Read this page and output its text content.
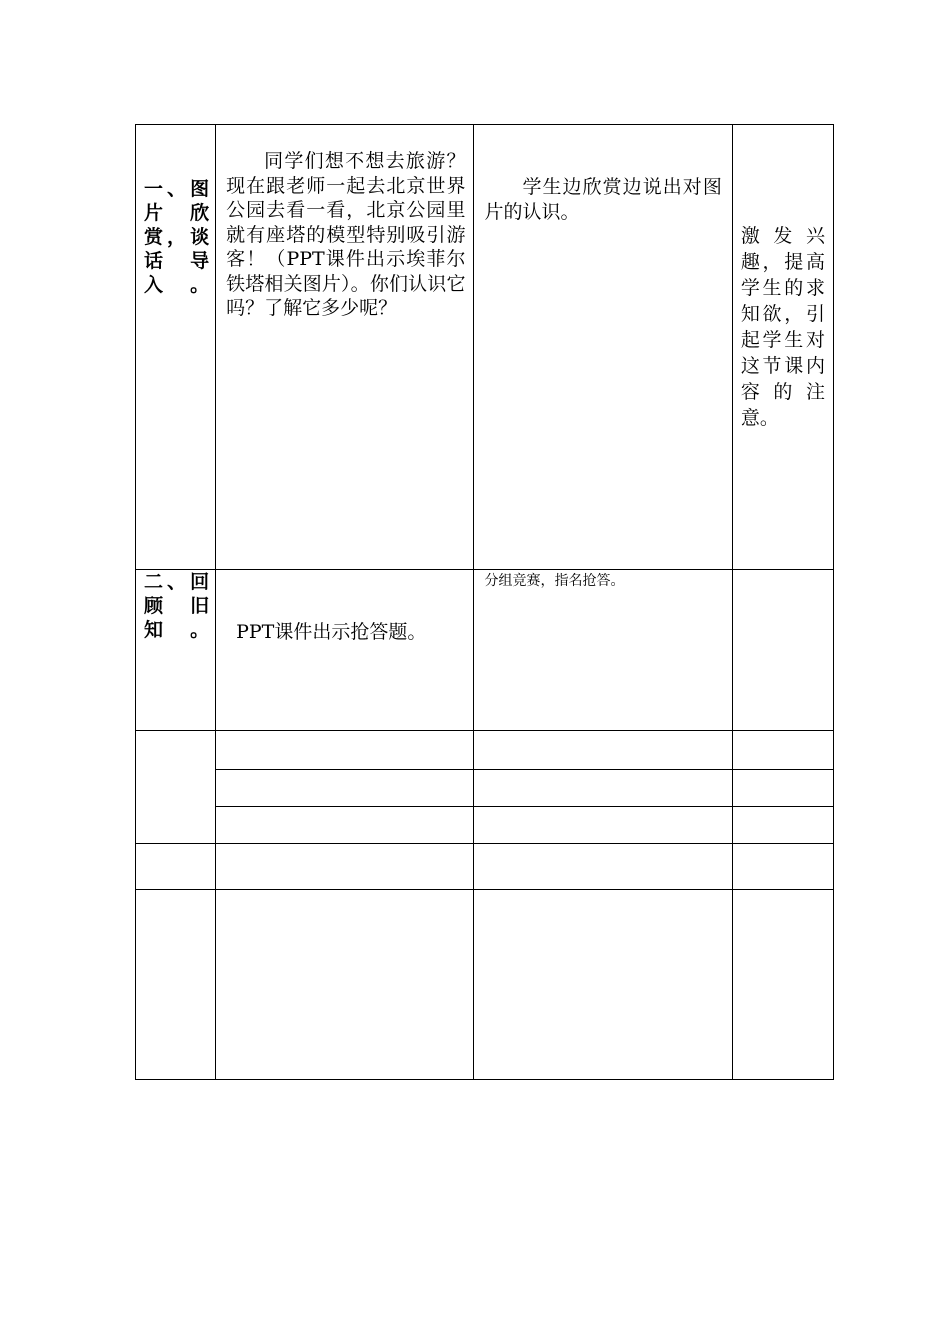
一、图片欣赏，谈话导入。	同学们想不想去旅游？现在跟老师一起去北京世界公园去看一看，北京公园里就有座塔的模型特别吸引游客！（PPT课件出示埃菲尔铁塔相关图片）。你们认识它吗？了解它多少呢？	学生边欣赏边说出对图片的认识。	激发兴趣，提高学生的求知欲，引起学生对这节课内容的注意。

二、回顾旧知。	PPT课件出示抢答题。	分组竞赛，指名抢答。	
